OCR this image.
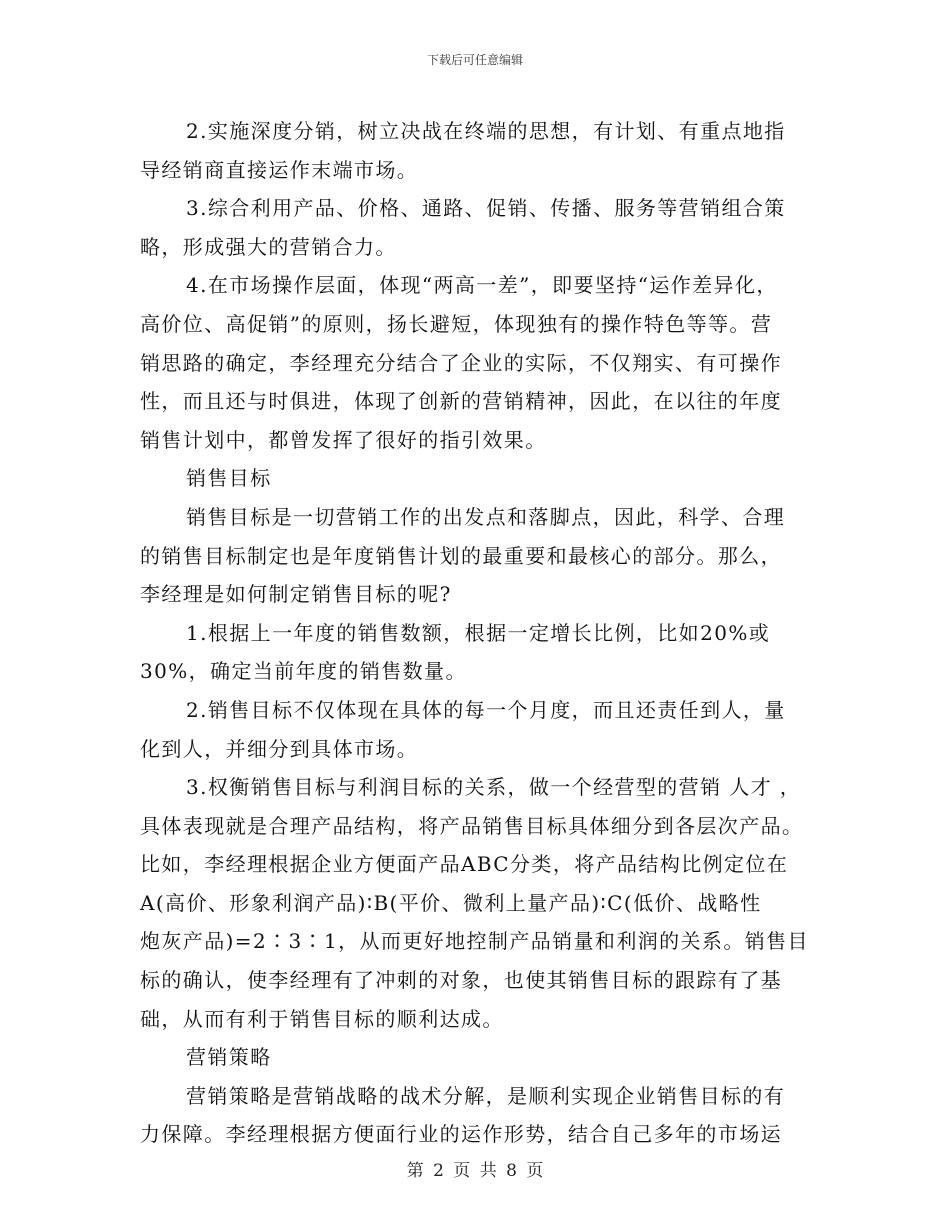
下载后可任意编辑
2.实施深度分销，树立决战在终端的思想，有计划、有重点地指
导经销商直接运作末端市场。
3.综合利用产品、价格、通路、促销、传播、服务等营销组合策
略，形成强大的营销合力。
4.在市场操作层面，体现“两高一差”，即要坚持“运作差异化，
高价位、高促销”的原则，扬长避短，体现独有的操作特色等等。营
销思路的确定，李经理充分结合了企业的实际，不仅翔实、有可操作
性，而且还与时俱进，体现了创新的营销精神，因此，在以往的年度
销售计划中，都曾发挥了很好的指引效果。
销售目标
销售目标是一切营销工作的出发点和落脚点，因此，科学、合理
的销售目标制定也是年度销售计划的最重要和最核心的部分。那么，
李经理是如何制定销售目标的呢?
1.根据上一年度的销售数额，根据一定增长比例，比如20%或
30%，确定当前年度的销售数量。
2.销售目标不仅体现在具体的每一个月度，而且还责任到人，量
化到人，并细分到具体市场。
3.权衡销售目标与利润目标的关系，做一个经营型的营销 人才 ，
具体表现就是合理产品结构，将产品销售目标具体细分到各层次产品。
比如，李经理根据企业方便面产品ABC分类，将产品结构比例定位在
A(高价、形象利润产品)∶B(平价、微利上量产品)∶C(低价、战略性
炮灰产品)=2∶3∶1，从而更好地控制产品销量和利润的关系。销售目
标的确认，使李经理有了冲刺的对象，也使其销售目标的跟踪有了基
础，从而有利于销售目标的顺利达成。
营销策略
营销策略是营销战略的战术分解，是顺利实现企业销售目标的有
力保障。李经理根据方便面行业的运作形势，结合自己多年的市场运
第 2 页 共 8 页
